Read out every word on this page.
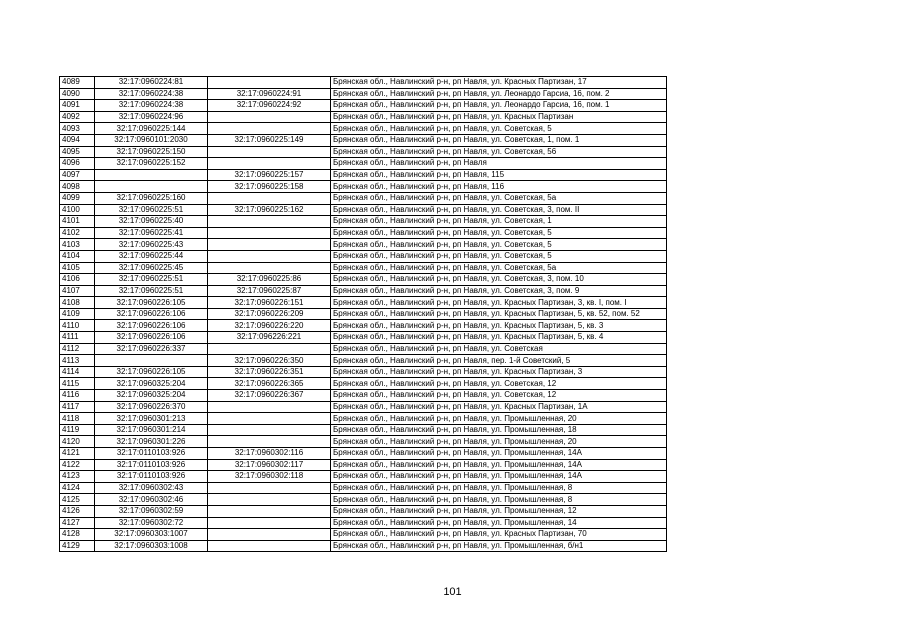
4089	32:17:0960224:81		Брянская обл., Навлинский р-н, рп Навля, ул. Красных Партизан, 17
4090	32:17:0960224:38	32:17:0960224:91	Брянская обл., Навлинский р-н, рп Навля, ул. Леонардо Гарсиа, 16, пом. 2
4091	32:17:0960224:38	32:17:0960224:92	Брянская обл., Навлинский р-н, рп Навля, ул. Леонардо Гарсиа, 16, пом. 1
4092	32:17:0960224:96		Брянская обл., Навлинский р-н, рп Навля, ул. Красных Партизан
4093	32:17:0960225:144		Брянская обл., Навлинский р-н, рп Навля, ул. Советская, 5
4094	32:17:0960101:2030	32:17:0960225:149	Брянская обл., Навлинский р-н, рп Навля, ул. Советская, 1, пом. 1
4095	32:17:0960225:150		Брянская обл., Навлинский р-н, рп Навля, ул. Советская, 56
4096	32:17:0960225:152		Брянская обл., Навлинский р-н, рп Навля
4097		32:17:0960225:157	Брянская обл., Навлинский р-н, рп Навля, 115
4098		32:17:0960225:158	Брянская обл., Навлинский р-н, рп Навля, 116
4099	32:17:0960225:160		Брянская обл., Навлинский р-н, рп Навля, ул. Советская, 5а
4100	32:17:0960225:51	32:17:0960225:162	Брянская обл., Навлинский р-н, рп Навля, ул. Советская, 3, пом. II
4101	32:17:0960225:40		Брянская обл., Навлинский р-н, рп Навля, ул. Советская, 1
4102	32:17:0960225:41		Брянская обл., Навлинский р-н, рп Навля, ул. Советская, 5
4103	32:17:0960225:43		Брянская обл., Навлинский р-н, рп Навля, ул. Советская, 5
4104	32:17:0960225:44		Брянская обл., Навлинский р-н, рп Навля, ул. Советская, 5
4105	32:17:0960225:45		Брянская обл., Навлинский р-н, рп Навля, ул. Советская, 5а
4106	32:17:0960225:51	32:17:0960225:86	Брянская обл., Навлинский р-н, рп Навля, ул. Советская, 3, пом. 10
4107	32:17:0960225:51	32:17:0960225:87	Брянская обл., Навлинский р-н, рп Навля, ул. Советская, 3, пом. 9
4108	32:17:0960226:105	32:17:0960226:151	Брянская обл., Навлинский р-н, рп Навля, ул. Красных Партизан, 3, кв. I, пом. I
4109	32:17:0960226:106	32:17:0960226:209	Брянская обл., Навлинский р-н, рп Навля, ул. Красных Партизан, 5, кв. 52, пом. 52
4110	32:17:0960226:106	32:17:0960226:220	Брянская обл., Навлинский р-н, рп Навля, ул. Красных Партизан, 5, кв. 3
4111	32:17:0960226:106	32:17:096226:221	Брянская обл., Навлинский р-н, рп Навля, ул. Красных Партизан, 5, кв. 4
4112	32:17:0960226:337		Брянская обл., Навлинский р-н, рп Навля, ул. Советская
4113		32:17:0960226:350	Брянская обл., Навлинский р-н, рп Навля, пер. 1-й Советский, 5
4114	32:17:0960226:105	32:17:0960226:351	Брянская обл., Навлинский р-н, рп Навля, ул. Красных Партизан, 3
4115	32:17:0960325:204	32:17:0960226:365	Брянская обл., Навлинский р-н, рп Навля, ул. Советская, 12
4116	32:17:0960325:204	32:17:0960226:367	Брянская обл., Навлинский р-н, рп Навля, ул. Советская, 12
4117	32:17:0960226:370		Брянская обл., Навлинский р-н, рп Навля, ул. Красных Партизан, 1А
4118	32:17:0960301:213		Брянская обл., Навлинский р-н, рп Навля, ул. Промышленная, 20
4119	32:17:0960301:214		Брянская обл., Навлинский р-н, рп Навля, ул. Промышленная, 18
4120	32:17:0960301:226		Брянская обл., Навлинский р-н, рп Навля, ул. Промышленная, 20
4121	32:17:0110103:926	32:17:0960302:116	Брянская обл., Навлинский р-н, рп Навля, ул. Промышленная, 14А
4122	32:17:0110103:926	32:17:0960302:117	Брянская обл., Навлинский р-н, рп Навля, ул. Промышленная, 14А
4123	32:17:0110103:926	32:17:0960302:118	Брянская обл., Навлинский р-н, рп Навля, ул. Промышленная, 14А
4124	32:17:0960302:43		Брянская обл., Навлинский р-н, рп Навля, ул. Промышленная, 8
4125	32:17:0960302:46		Брянская обл., Навлинский р-н, рп Навля, ул. Промышленная, 8
4126	32:17:0960302:59		Брянская обл., Навлинский р-н, рп Навля, ул. Промышленная, 12
4127	32:17:0960302:72		Брянская обл., Навлинский р-н, рп Навля, ул. Промышленная, 14
4128	32:17:0960303:1007		Брянская обл., Навлинский р-н, рп Навля, ул. Красных Партизан, 70
4129	32:17:0960303:1008		Брянская обл., Навлинский р-н, рп Навля, ул. Промышленная, б/н1
101
